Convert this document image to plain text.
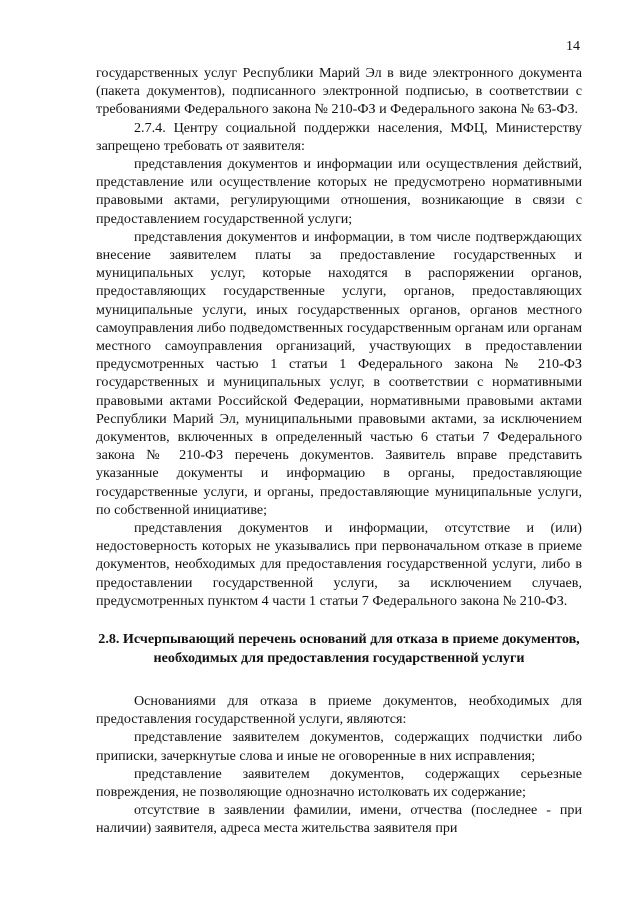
14

государственных услуг Республики Марий Эл в виде электронного документа (пакета документов), подписанного электронной подписью, в соответствии с требованиями Федерального закона № 210-ФЗ и Федерального закона № 63-ФЗ.

2.7.4. Центру социальной поддержки населения, МФЦ, Министерству запрещено требовать от заявителя:

представления документов и информации или осуществления действий, представление или осуществление которых не предусмотрено нормативными правовыми актами, регулирующими отношения, возникающие в связи с предоставлением государственной услуги;

представления документов и информации, в том числе подтверждающих внесение заявителем платы за предоставление государственных и муниципальных услуг, которые находятся в распоряжении органов, предоставляющих государственные услуги, органов, предоставляющих муниципальные услуги, иных государственных органов, органов местного самоуправления либо подведомственных государственным органам или органам местного самоуправления организаций, участвующих в предоставлении предусмотренных частью 1 статьи 1 Федерального закона № 210-ФЗ государственных и муниципальных услуг, в соответствии с нормативными правовыми актами Российской Федерации, нормативными правовыми актами Республики Марий Эл, муниципальными правовыми актами, за исключением документов, включенных в определенный частью 6 статьи 7 Федерального закона № 210-ФЗ перечень документов. Заявитель вправе представить указанные документы и информацию в органы, предоставляющие государственные услуги, и органы, предоставляющие муниципальные услуги, по собственной инициативе;

представления документов и информации, отсутствие и (или) недостоверность которых не указывались при первоначальном отказе в приеме документов, необходимых для предоставления государственной услуги, либо в предоставлении государственной услуги, за исключением случаев, предусмотренных пунктом 4 части 1 статьи 7 Федерального закона № 210-ФЗ.

2.8. Исчерпывающий перечень оснований для отказа в приеме документов, необходимых для предоставления государственной услуги

Основаниями для отказа в приеме документов, необходимых для предоставления государственной услуги, являются:

представление заявителем документов, содержащих подчистки либо приписки, зачеркнутые слова и иные не оговоренные в них исправления;

представление заявителем документов, содержащих серьезные повреждения, не позволяющие однозначно истолковать их содержание;

отсутствие в заявлении фамилии, имени, отчества (последнее - при наличии) заявителя, адреса места жительства заявителя при
